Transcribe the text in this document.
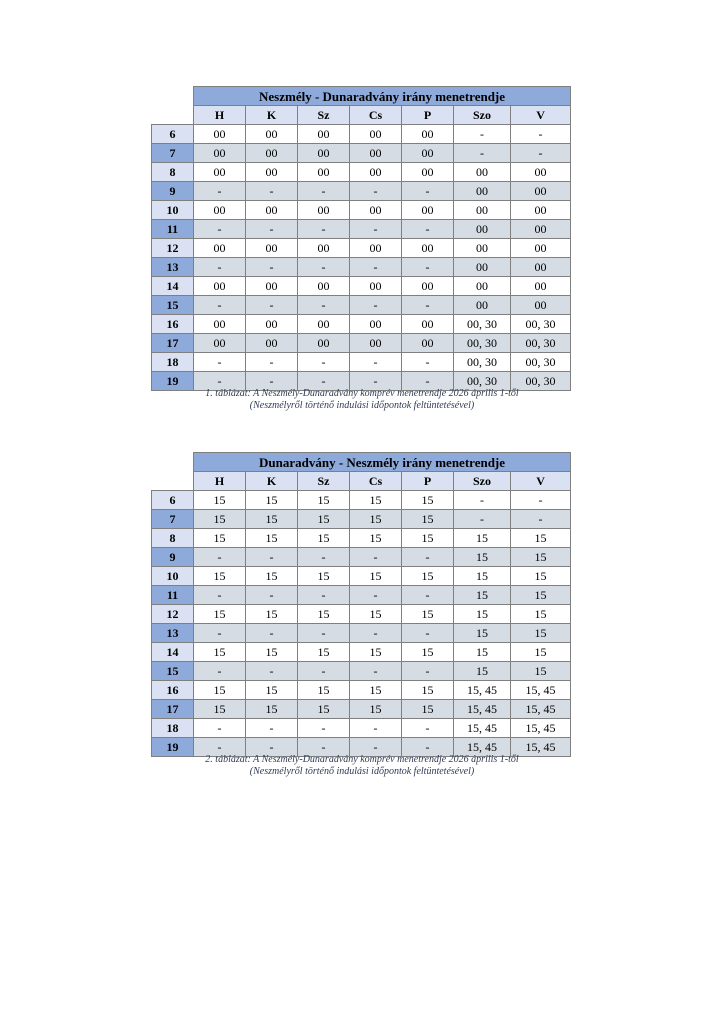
	Neszmély - Dunaradvány irány menetrendje						
	H	K	Sz	Cs	P	Szo	V
6	00	00	00	00	00	-	-
7	00	00	00	00	00	-	-
8	00	00	00	00	00	00	00
9	-	-	-	-	-	00	00
10	00	00	00	00	00	00	00
11	-	-	-	-	-	00	00
12	00	00	00	00	00	00	00
13	-	-	-	-	-	00	00
14	00	00	00	00	00	00	00
15	-	-	-	-	-	00	00
16	00	00	00	00	00	00, 30	00, 30
17	00	00	00	00	00	00, 30	00, 30
18	-	-	-	-	-	00, 30	00, 30
19	-	-	-	-	-	00, 30	00, 30
1. táblázat: A Neszmély-Dunaradvány komprév menetrendje 2026 április 1-től
(Neszmélyről történő indulási időpontok feltüntetésével)
	Dunaradvány - Neszmély irány menetrendje						
	H	K	Sz	Cs	P	Szo	V
6	15	15	15	15	15	-	-
7	15	15	15	15	15	-	-
8	15	15	15	15	15	15	15
9	-	-	-	-	-	15	15
10	15	15	15	15	15	15	15
11	-	-	-	-	-	15	15
12	15	15	15	15	15	15	15
13	-	-	-	-	-	15	15
14	15	15	15	15	15	15	15
15	-	-	-	-	-	15	15
16	15	15	15	15	15	15, 45	15, 45
17	15	15	15	15	15	15, 45	15, 45
18	-	-	-	-	-	15, 45	15, 45
19	-	-	-	-	-	15, 45	15, 45
2. táblázat: A Neszmély-Dunaradvány komprév menetrendje 2026 április 1-től
(Neszmélyről történő indulási időpontok feltüntetésével)
